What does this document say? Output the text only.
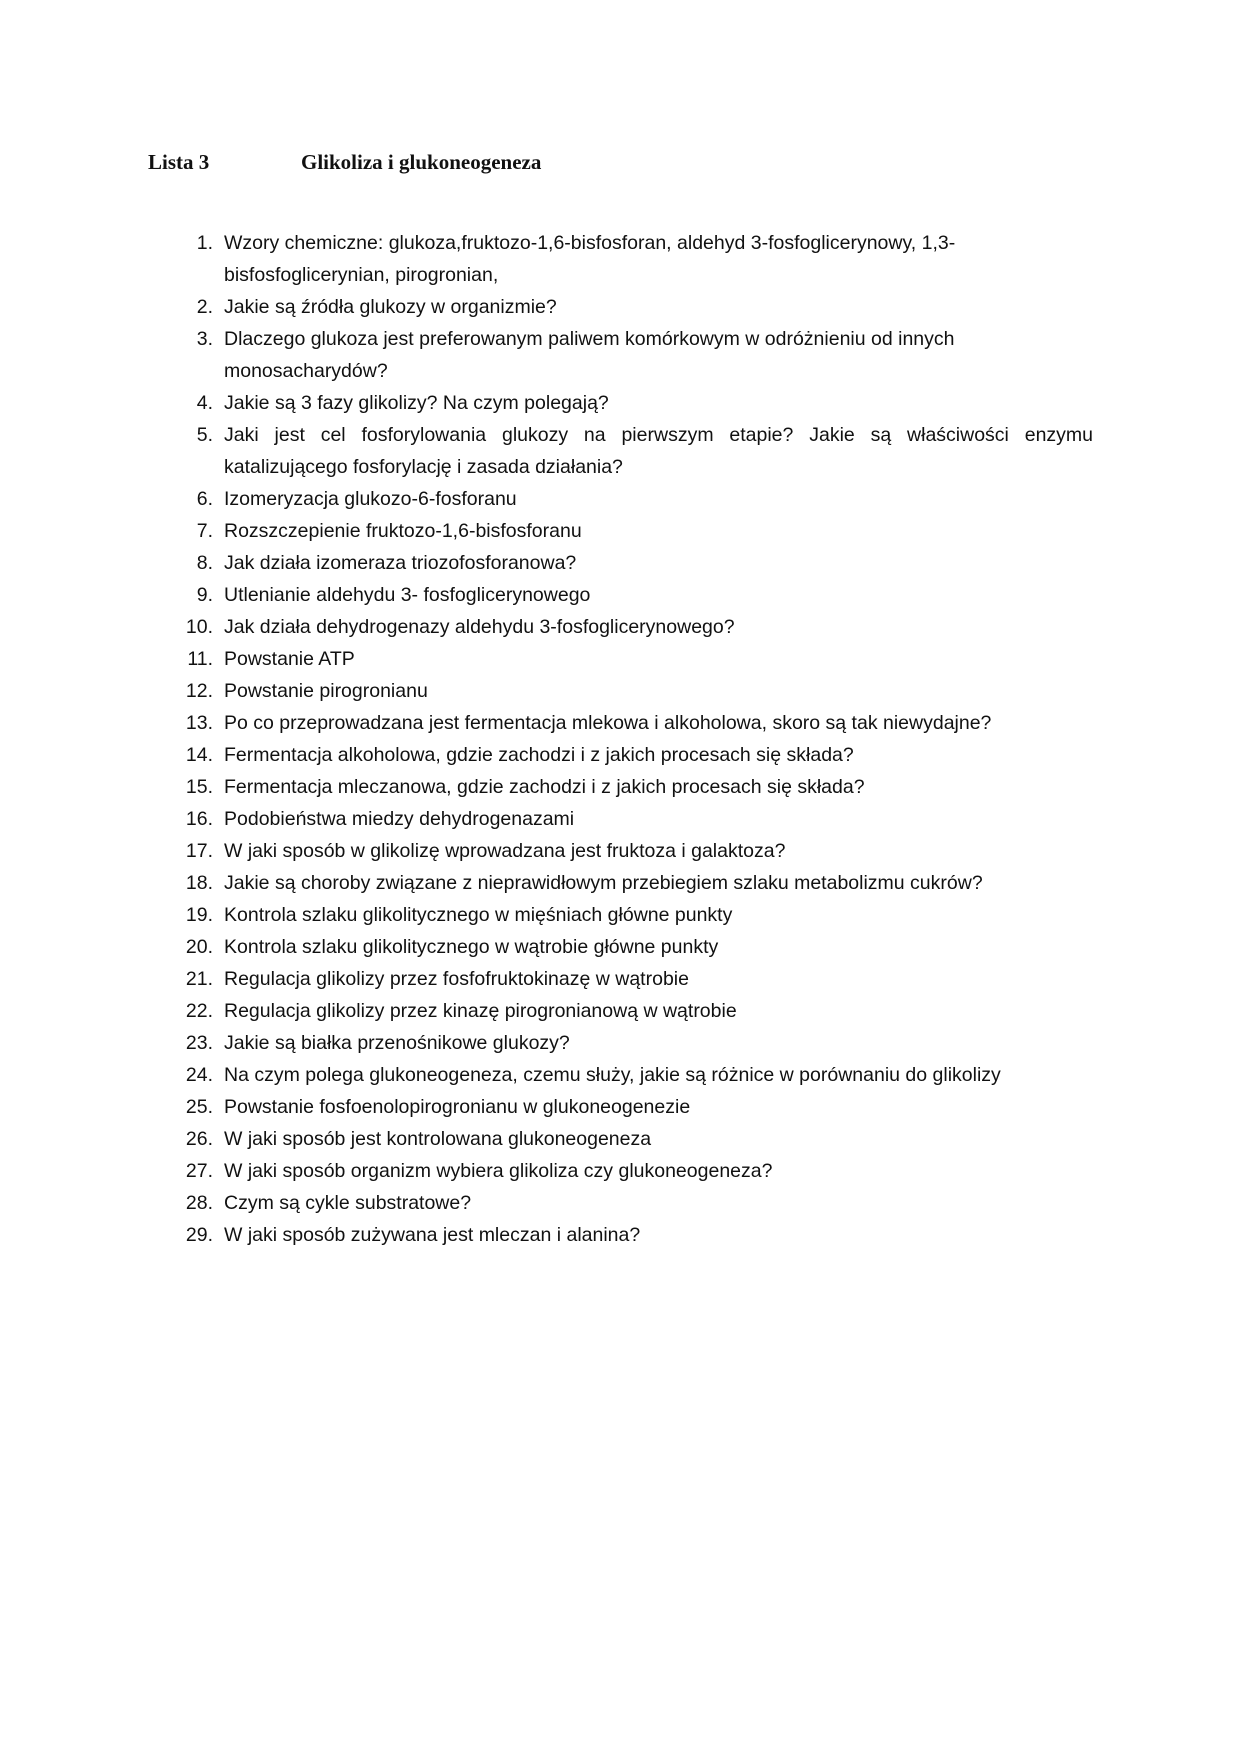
Lista 3	Glikoliza i glukoneogeneza
1. Wzory chemiczne: glukoza,fruktozo-1,6-bisfosforan, aldehyd 3-fosfoglicerynowy, 1,3-bisfosfoglicerynian, pirogronian,
2. Jakie są źródła glukozy w organizmie?
3. Dlaczego glukoza jest preferowanym paliwem komórkowym w odróżnieniu od innych monosacharydów?
4. Jakie są 3 fazy glikolizy? Na czym polegają?
5. Jaki jest cel fosforylowania glukozy na pierwszym etapie? Jakie są właściwości enzymu katalizującego fosforylację i zasada działania?
6. Izomeryzacja glukozo-6-fosforanu
7. Rozszczepienie fruktozo-1,6-bisfosforanu
8. Jak działa izomeraza triozofosforanowa?
9. Utlenianie aldehydu 3- fosfoglicerynowego
10. Jak działa dehydrogenazy aldehydu 3-fosfoglicerynowego?
11. Powstanie ATP
12. Powstanie pirogronianu
13. Po co przeprowadzana jest fermentacja mlekowa i alkoholowa, skoro są tak niewydajne?
14. Fermentacja alkoholowa, gdzie zachodzi i z jakich procesach się składa?
15. Fermentacja mleczanowa, gdzie zachodzi i z jakich procesach się składa?
16. Podobieństwa miedzy dehydrogenazami
17. W jaki sposób w glikolizę wprowadzana jest fruktoza i galaktoza?
18. Jakie są choroby związane z nieprawidłowym przebiegiem szlaku metabolizmu cukrów?
19. Kontrola szlaku glikolitycznego w mięśniach główne punkty
20. Kontrola szlaku glikolitycznego w wątrobie główne punkty
21. Regulacja glikolizy przez fosfofruktokinazę w wątrobie
22. Regulacja glikolizy przez kinazę pirogronianową w wątrobie
23. Jakie są białka przenośnikowe glukozy?
24. Na czym polega glukoneogeneza, czemu służy, jakie są różnice w porównaniu do glikolizy
25. Powstanie fosfoenolopirogronianu w glukoneogenezie
26. W jaki sposób jest kontrolowana glukoneogeneza
27. W jaki sposób organizm wybiera glikoliza czy glukoneogeneza?
28. Czym są cykle substratowe?
29. W jaki sposób zużywana jest mleczan i alanina?
